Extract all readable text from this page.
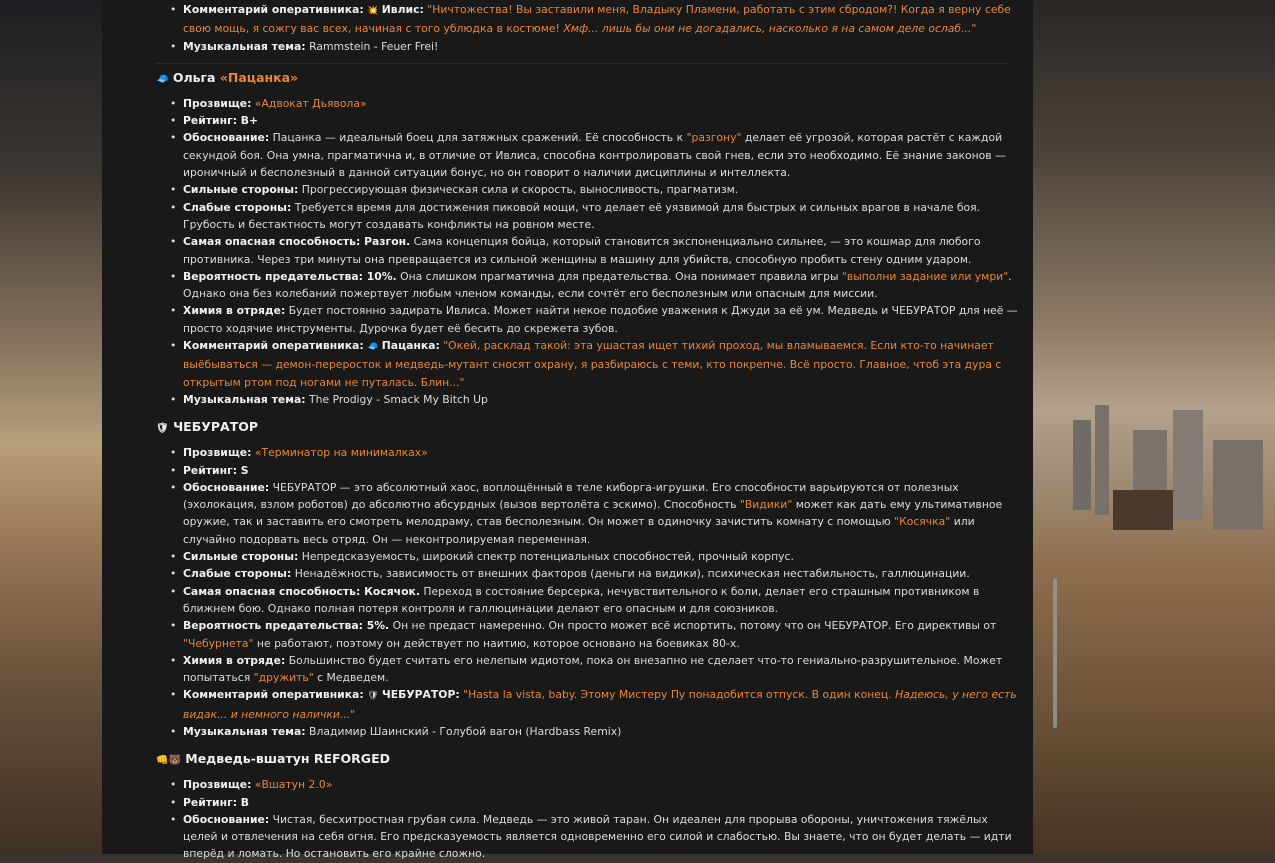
• Комментарий оперативника: 💥 Ивлис: "Ничтожества! Вы заставили меня, Владыку Пламени, работать с этим сбродом?! Когда я верну себе свою мощь, я сожгу вас всех, начиная с того ублюдка в костюме! Хмф... лишь бы они не догадались, насколько я на самом деле ослаб..."
• Музыкальная тема: Rammstein - Feuer Frei!
🧢 Ольга «Пацанка»
• Прозвище: «Адвокат Дьявола»
• Рейтинг: B+
• Обоснование: Пацанка — идеальный боец для затяжных сражений. Её способность к "разгону" делает её угрозой, которая растёт с каждой секундой боя. Она умна, прагматична и, в отличие от Ивлиса, способна контролировать свой гнев, если это необходимо. Её знание законов — ироничный и бесполезный в данной ситуации бонус, но он говорит о наличии дисциплины и интеллекта.
• Сильные стороны: Прогрессирующая физическая сила и скорость, выносливость, прагматизм.
• Слабые стороны: Требуется время для достижения пиковой мощи, что делает её уязвимой для быстрых и сильных врагов в начале боя. Грубость и бестактность могут создавать конфликты на ровном месте.
• Самая опасная способность: Разгон. Сама концепция бойца, который становится экспоненциально сильнее, — это кошмар для любого противника. Через три минуты она превращается из сильной женщины в машину для убийств, способную пробить стену одним ударом.
• Вероятность предательства: 10%. Она слишком прагматична для предательства. Она понимает правила игры "выполни задание или умри". Однако она без колебаний пожертвует любым членом команды, если сочтёт его бесполезным или опасным для миссии.
• Химия в отряде: Будет постоянно задирать Ивлиса. Может найти некое подобие уважения к Джуди за её ум. Медведь и ЧЕБУРАТОР для неё — просто ходячие инструменты. Дурочка будет её бесить до скрежета зубов.
• Комментарий оперативника: 🧢 Пацанка: "Окей, расклад такой: эта ушастая ищет тихий проход, мы вламываемся. Если кто-то начинает выёбываться — демон-переросток и медведь-мутант сносят охрану, я разбираюсь с теми, кто покрепче. Всё просто. Главное, чтоб эта дура с открытым ртом под ногами не путалась. Блин..."
• Музыкальная тема: The Prodigy - Smack My Bitch Up
🛡 ЧЕБУРАТОР
• Прозвище: «Терминатор на минималках»
• Рейтинг: S
• Обоснование: ЧЕБУРАТОР — это абсолютный хаос, воплощённый в теле киборга-игрушки. Его способности варьируются от полезных (эхолокация, взлом роботов) до абсолютно абсурдных (вызов вертолёта с эскимо). Способность "Видики" может как дать ему ультимативное оружие, так и заставить его смотреть мелодраму, став бесполезным. Он может в одиночку зачистить комнату с помощью "Косячка" или случайно подорвать весь отряд. Он — неконтролируемая переменная.
• Сильные стороны: Непредсказуемость, широкий спектр потенциальных способностей, прочный корпус.
• Слабые стороны: Ненадёжность, зависимость от внешних факторов (деньги на видики), психическая нестабильность, галлюцинации.
• Самая опасная способность: Косячок. Переход в состояние берсерка, нечувствительного к боли, делает его страшным противником в ближнем бою. Однако полная потеря контроля и галлюцинации делают его опасным и для союзников.
• Вероятность предательства: 5%. Он не предаст намеренно. Он просто может всё испортить, потому что он ЧЕБУРАТОР. Его директивы от "Чебурнета" не работают, поэтому он действует по наитию, которое основано на боевиках 80-х.
• Химия в отряде: Большинство будет считать его нелепым идиотом, пока он внезапно не сделает что-то гениально-разрушительное. Может попытаться "дружить" с Медведем.
• Комментарий оперативника: 🛡 ЧЕБУРАТОР: "Hasta la vista, baby. Этому Мистеру Пу понадобится отпуск. В один конец. Надеюсь, у него есть видак... и немного налички..."
• Музыкальная тема: Владимир Шаинский - Голубой вагон (Hardbass Remix)
👊🐻 Медведь-вшатун REFORGED
• Прозвище: «Вшатун 2.0»
• Рейтинг: B
• Обоснование: Чистая, бесхитростная грубая сила. Медведь — это живой таран. Он идеален для прорыва обороны, уничтожения тяжёлых целей и отвлечения на себя огня. Его предсказуемость является одновременно его силой и слабостью. Вы знаете, что он будет делать — идти вперёд и ломать. Но остановить его крайне сложно.
